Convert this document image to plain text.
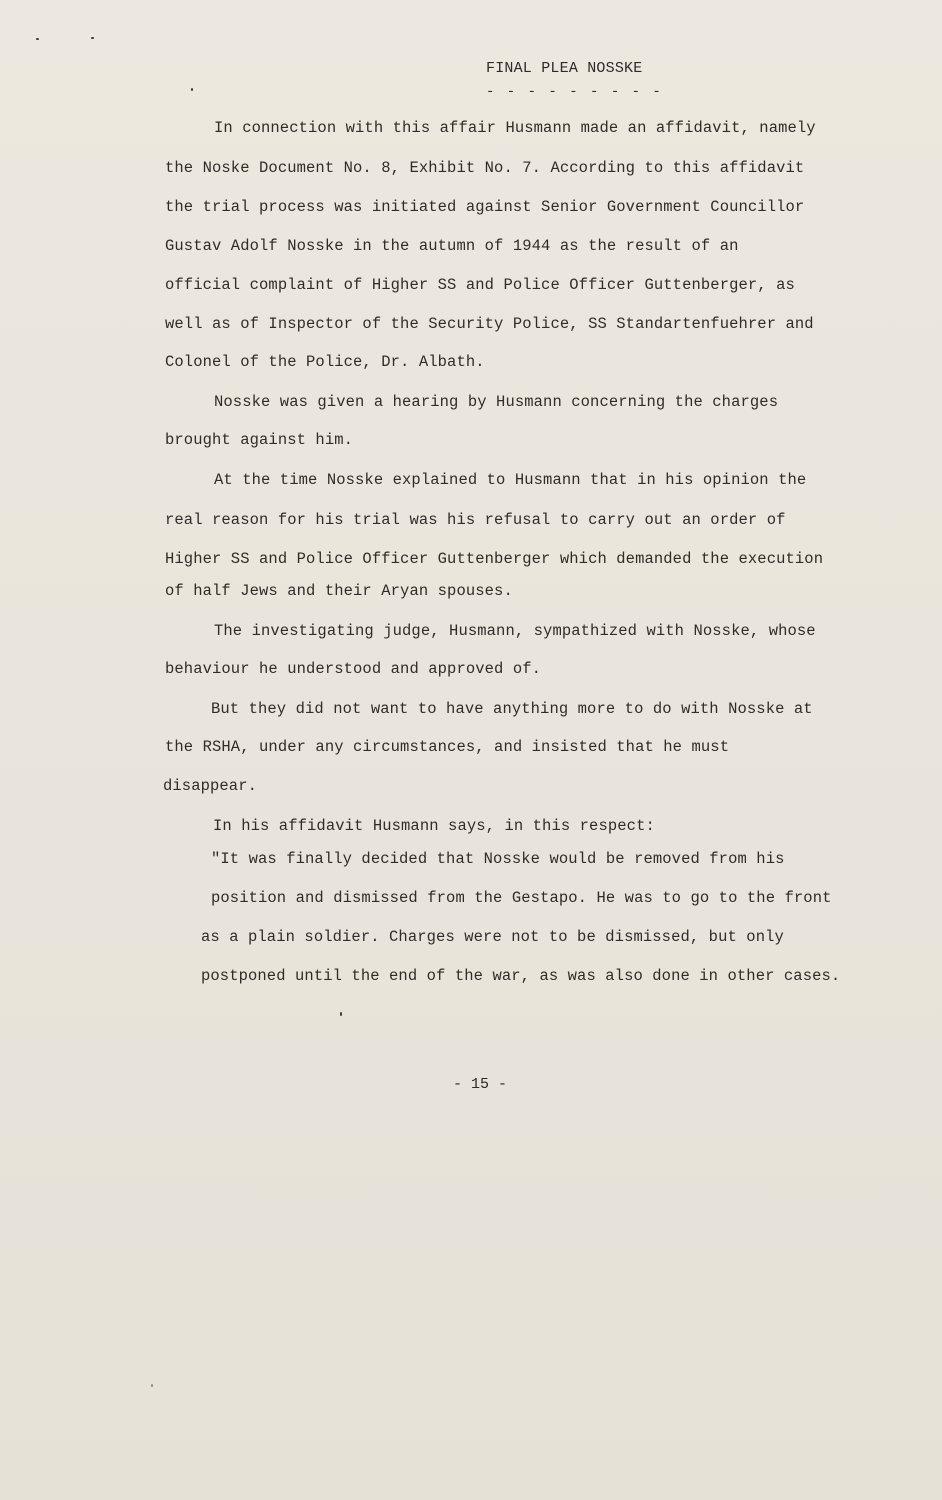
FINAL PLEA NOSSKE
- - - - - - - - -
In connection with this affair Husmann made an affidavit, namely
the Noske Document No. 8, Exhibit No. 7. According to this affidavit
the trial process was initiated against Senior Government Councillor
Gustav Adolf Nosske in the autumn of 1944 as the result of an
official complaint of Higher SS and Police Officer Guttenberger, as
well as of Inspector of the Security Police, SS Standartenfuehrer and
Colonel of the Police, Dr. Albath.
Nosske was given a hearing by Husmann concerning the charges
brought against him.
At the time Nosske explained to Husmann that in his opinion the
real reason for his trial was his refusal to carry out an order of
Higher SS and Police Officer Guttenberger which demanded the execution
of half Jews and their Aryan spouses.
The investigating judge, Husmann, sympathized with Nosske, whose
behaviour he understood and approved of.
But they did not want to have anything more to do with Nosske at
the RSHA, under any circumstances, and insisted that he must
disappear.
In his affidavit Husmann says, in this respect:
"It was finally decided that Nosske would be removed from his
position and dismissed from the Gestapo. He was to go to the front
as a plain soldier. Charges were not to be dismissed, but only
postponed until the end of the war, as was also done in other cases.
- 15 -
